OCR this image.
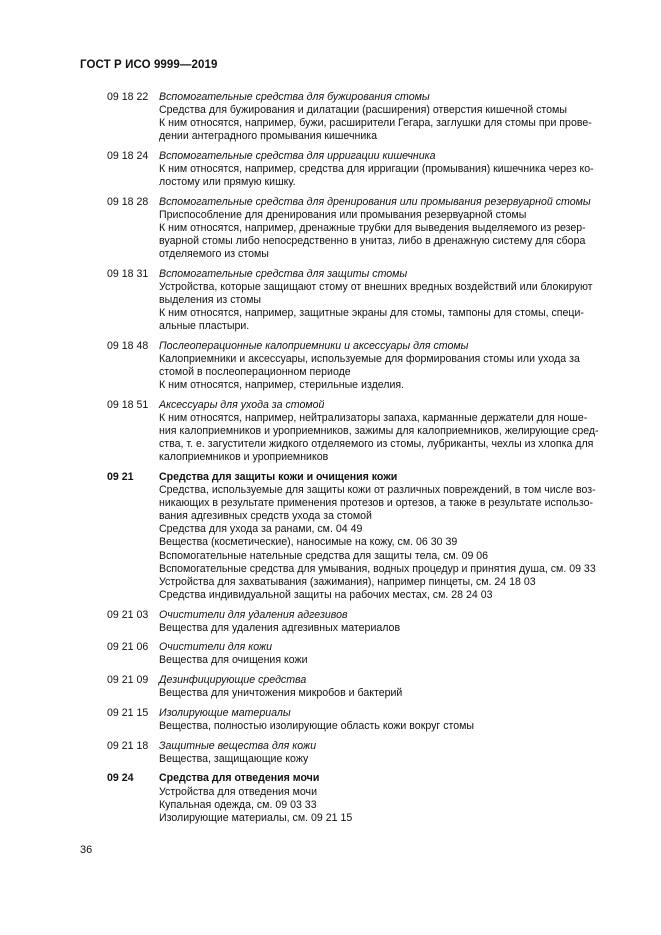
ГОСТ Р ИСО 9999—2019
09 18 22	Вспомогательные средства для бужирования стомы
Средства для бужирования и дилатации (расширения) отверстия кишечной стомы
К ним относятся, например, бужи, расширители Гегара, заглушки для стомы при прове-
дении антеградного промывания кишечника
09 18 24	Вспомогательные средства для ирригации кишечника
К ним относятся, например, средства для ирригации (промывания) кишечника через ко-
лостому или прямую кишку.
09 18 28	Вспомогательные средства для дренирования или промывания резервуарной стомы
Приспособление для дренирования или промывания резервуарной стомы
К ним относятся, например, дренажные трубки для выведения выделяемого из резер-
вуарной стомы либо непосредственно в унитаз, либо в дренажную систему для сбора
отделяемого из стомы
09 18 31	Вспомогательные средства для защиты стомы
Устройства, которые защищают стому от внешних вредных воздействий или блокируют
выделения из стомы
К ним относятся, например, защитные экраны для стомы, тампоны для стомы, специ-
альные пластыри.
09 18 48	Послеоперационные калоприемники и аксессуары для стомы
Калоприемники и аксессуары, используемые для формирования стомы или ухода за
стомой в послеоперационном периоде
К ним относятся, например, стерильные изделия.
09 18 51	Аксессуары для ухода за стомой
К ним относятся, например, нейтрализаторы запаха, карманные держатели для ноше-
ния калоприемников и уроприемников, зажимы для калоприемников, желирующие сред-
ства, т. е. загустители жидкого отделяемого из стомы, лубриканты, чехлы из хлопка для
калоприемников и уроприемников
09 21	Средства для защиты кожи и очищения кожи
Средства, используемые для защиты кожи от различных повреждений, в том числе воз-
никающих в результате применения протезов и ортезов, а также в результате использо-
вания адгезивных средств ухода за стомой
Средства для ухода за ранами, см. 04 49
Вещества (косметические), наносимые на кожу, см. 06 30 39
Вспомогательные нательные средства для защиты тела, см. 09 06
Вспомогательные средства для умывания, водных процедур и принятия душа, см. 09 33
Устройства для захватывания (зажимания), например пинцеты, см. 24 18 03
Средства индивидуальной защиты на рабочих местах, см. 28 24 03
09 21 03	Очистители для удаления адгезивов
Вещества для удаления адгезивных материалов
09 21 06	Очистители для кожи
Вещества для очищения кожи
09 21 09	Дезинфицирующие средства
Вещества для уничтожения микробов и бактерий
09 21 15	Изолирующие материалы
Вещества, полностью изолирующие область кожи вокруг стомы
09 21 18	Защитные вещества для кожи
Вещества, защищающие кожу
09 24	Средства для отведения мочи
Устройства для отведения мочи
Купальная одежда, см. 09 03 33
Изолирующие материалы, см. 09 21 15
36
